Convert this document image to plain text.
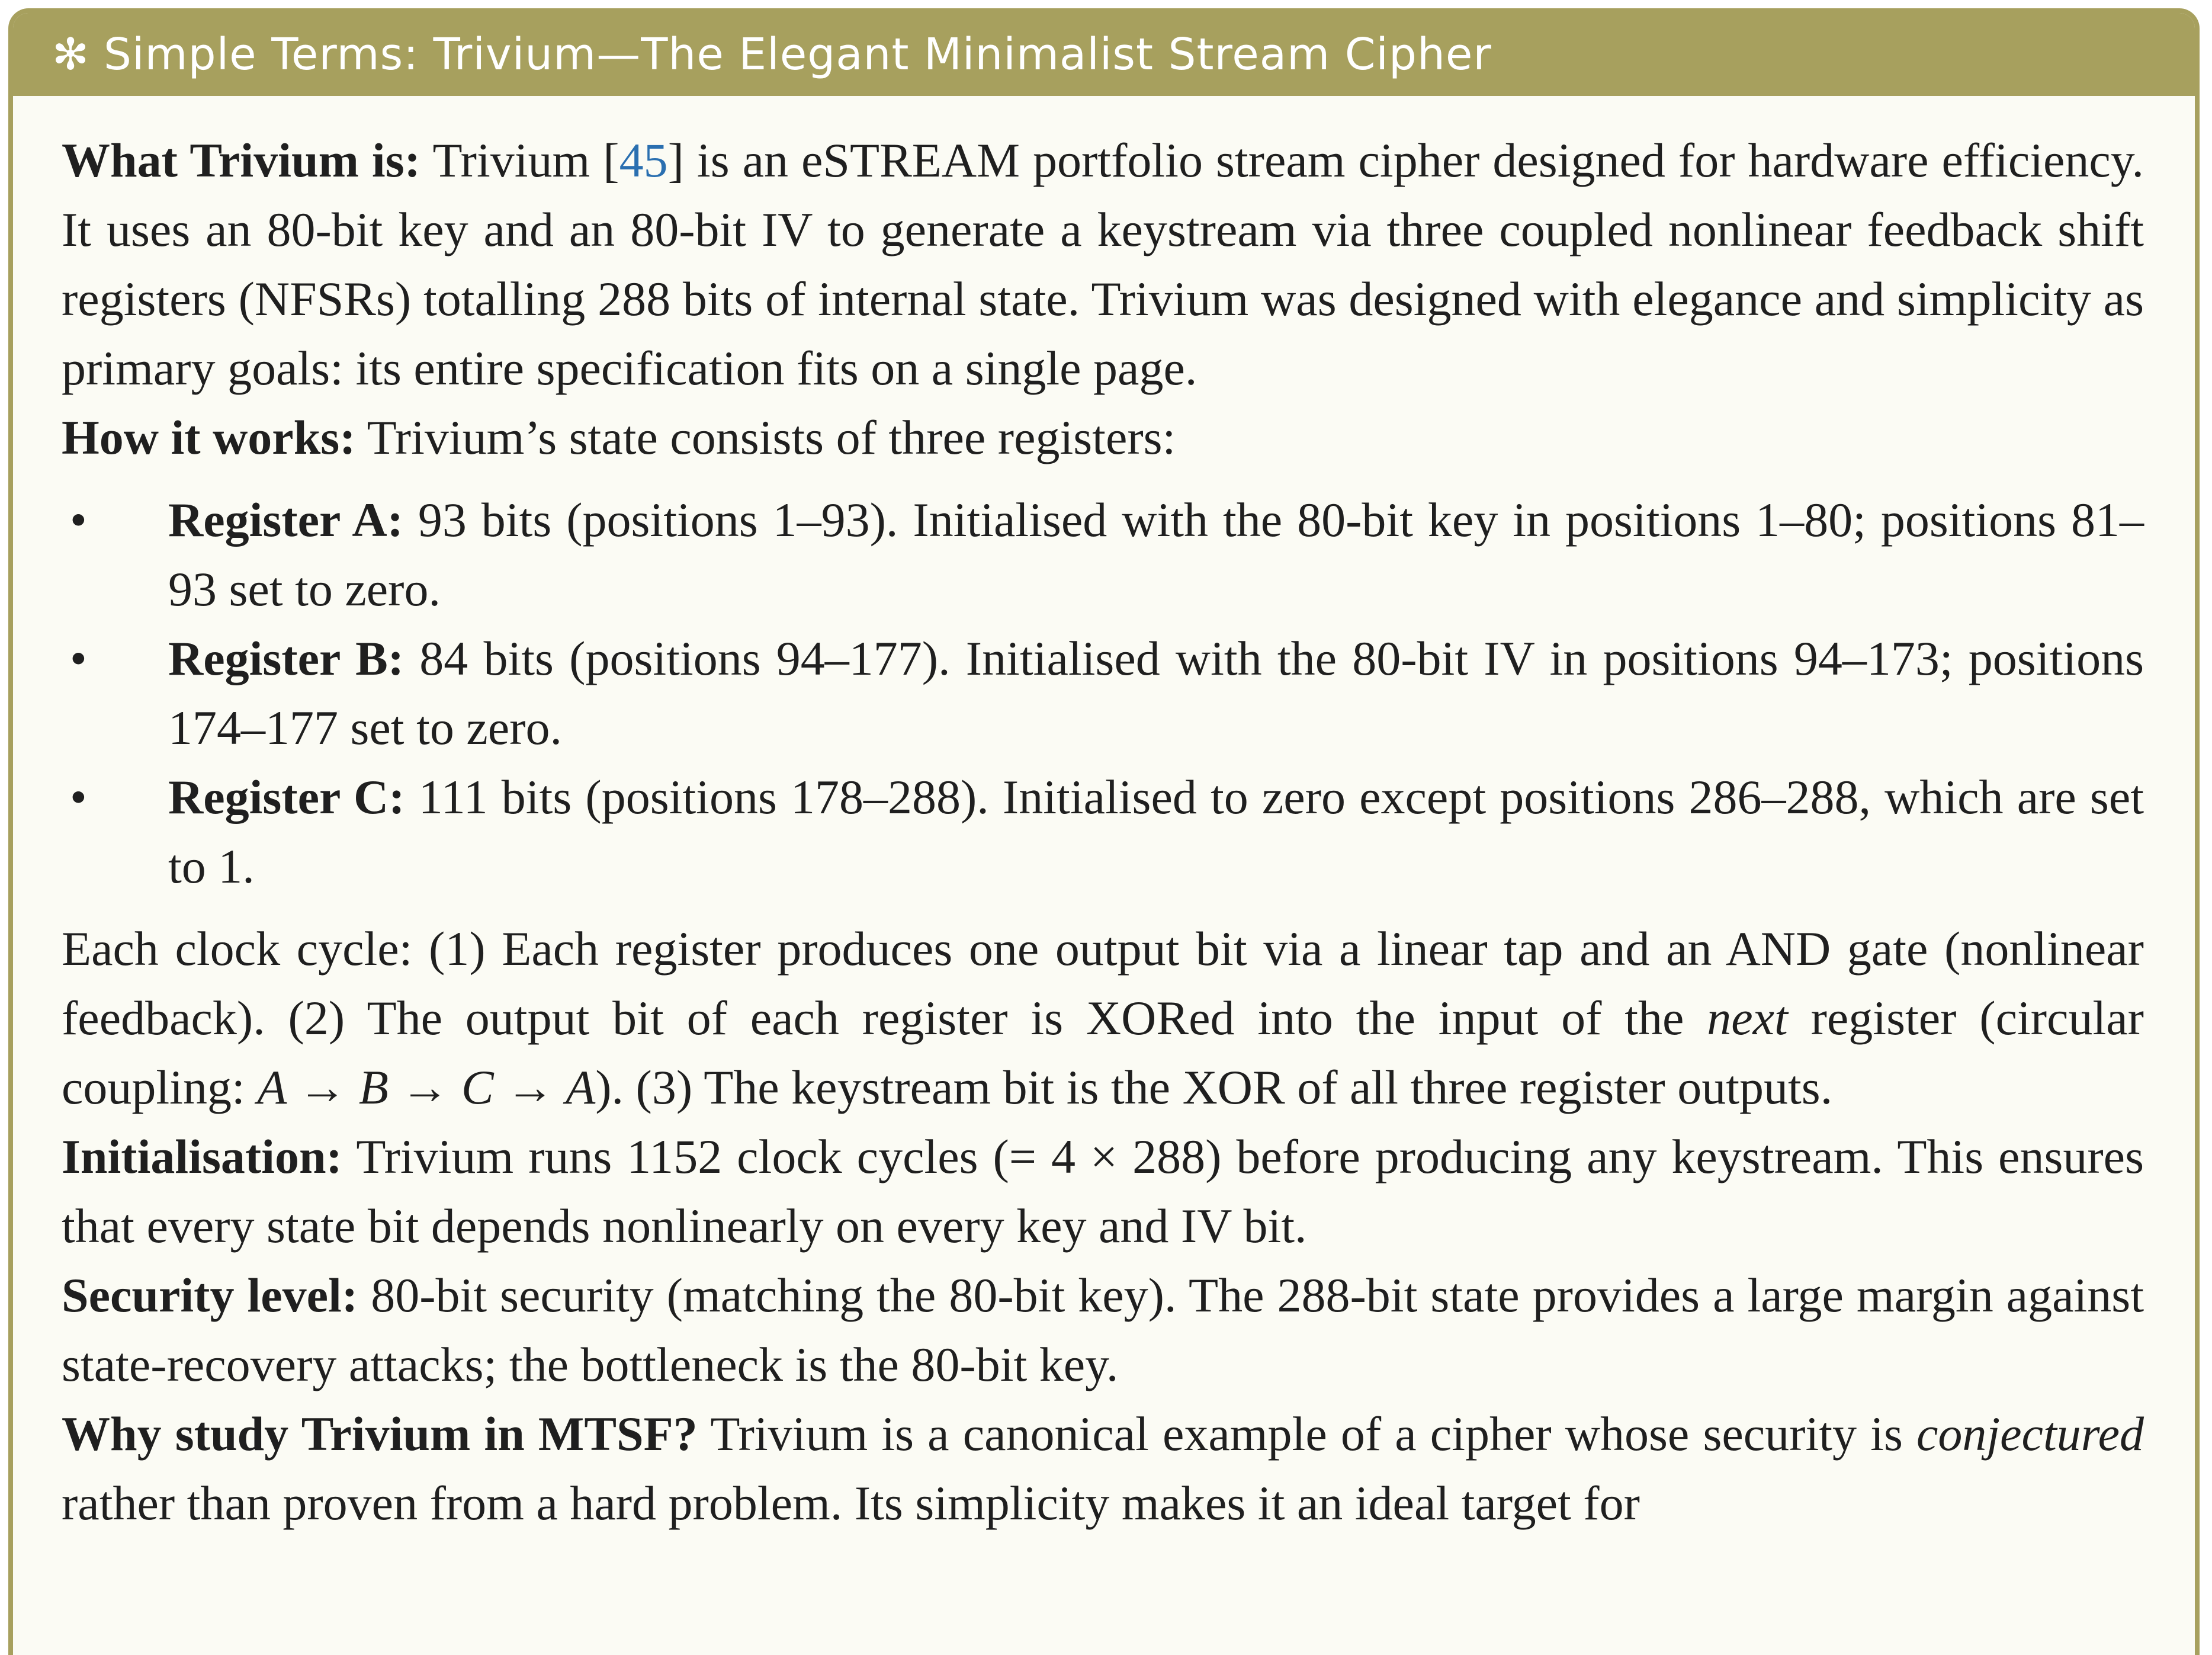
✻ Simple Terms: Trivium—The Elegant Minimalist Stream Cipher

What Trivium is: Trivium [45] is an eSTREAM portfolio stream cipher designed for hardware efficiency. It uses an 80-bit key and an 80-bit IV to generate a keystream via three coupled nonlinear feedback shift registers (NFSRs) totalling 288 bits of internal state. Trivium was designed with elegance and simplicity as primary goals: its entire specification fits on a single page.

How it works: Trivium’s state consists of three registers:

• Register A: 93 bits (positions 1–93). Initialised with the 80-bit key in positions 1–80; positions 81–93 set to zero.
• Register B: 84 bits (positions 94–177). Initialised with the 80-bit IV in positions 94–173; positions 174–177 set to zero.
• Register C: 111 bits (positions 178–288). Initialised to zero except positions 286–288, which are set to 1.

Each clock cycle: (1) Each register produces one output bit via a linear tap and an AND gate (nonlinear feedback). (2) The output bit of each register is XORed into the input of the next register (circular coupling: A → B → C → A). (3) The keystream bit is the XOR of all three register outputs.

Initialisation: Trivium runs 1152 clock cycles (= 4 × 288) before producing any keystream. This ensures that every state bit depends nonlinearly on every key and IV bit.

Security level: 80-bit security (matching the 80-bit key). The 288-bit state provides a large margin against state-recovery attacks; the bottleneck is the 80-bit key.

Why study Trivium in MTSF? Trivium is a canonical example of a cipher whose security is conjectured rather than proven from a hard problem. Its simplicity makes it an ideal target for
